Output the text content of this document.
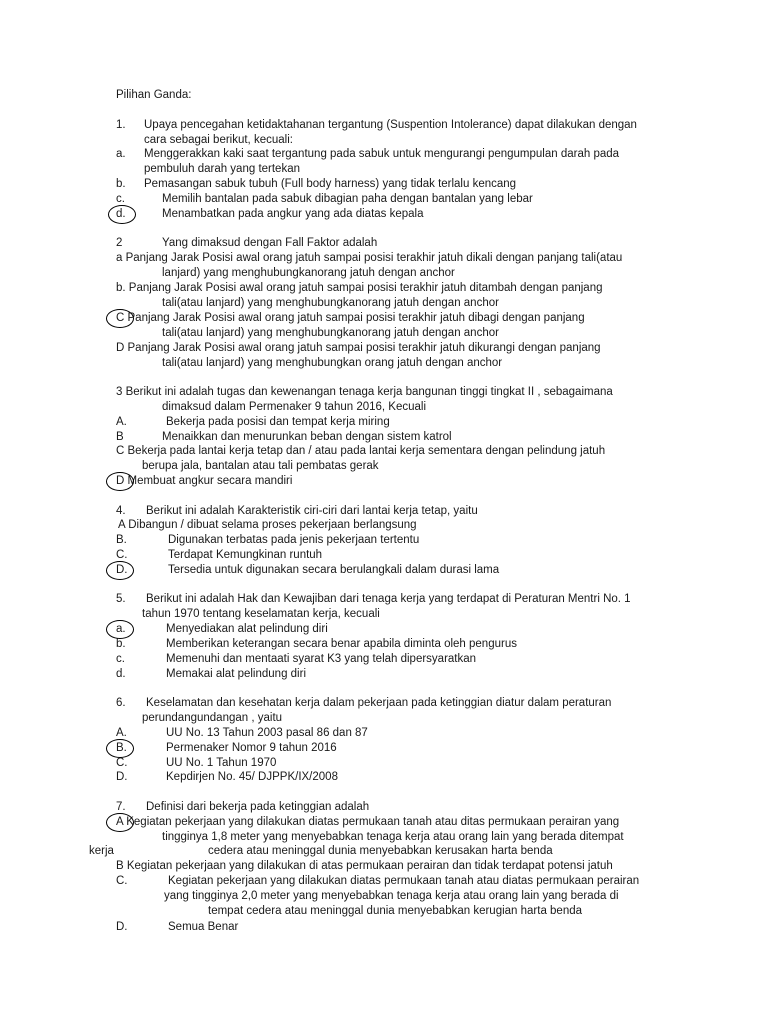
Pilihan Ganda:
1. Upaya pencegahan ketidaktahanan tergantung (Suspention Intolerance) dapat dilakukan dengan
cara sebagai berikut, kecuali:
a. Menggerakkan kaki saat tergantung pada sabuk untuk mengurangi pengumpulan darah pada
pembuluh darah yang tertekan
b. Pemasangan sabuk tubuh (Full body harness) yang tidak terlalu kencang
c.	Memilih bantalan pada sabuk dibagian paha dengan bantalan yang lebar
d.	Menambatkan pada angkur yang ada diatas kepala
2	Yang dimaksud dengan Fall Faktor adalah
a Panjang Jarak Posisi awal orang jatuh sampai posisi terakhir jatuh dikali dengan panjang tali(atau
lanjard) yang menghubungkanorang jatuh dengan anchor
b. Panjang Jarak Posisi awal orang jatuh sampai posisi terakhir jatuh ditambah dengan panjang
tali(atau lanjard) yang menghubungkanorang jatuh dengan anchor
C Panjang Jarak Posisi awal orang jatuh sampai posisi terakhir jatuh dibagi dengan panjang
tali(atau lanjard) yang menghubungkanorang jatuh dengan anchor
D Panjang Jarak Posisi awal orang jatuh sampai posisi terakhir jatuh dikurangi dengan panjang
tali(atau lanjard) yang menghubungkan orang jatuh dengan anchor
3 Berikut ini adalah tugas dan kewenangan tenaga kerja bangunan tinggi tingkat II , sebagaimana
dimaksud dalam Permenaker 9 tahun 2016, Kecuali
A.	Bekerja pada posisi dan tempat kerja miring
B	Menaikkan dan menurunkan beban dengan sistem katrol
C Bekerja pada lantai kerja tetap dan / atau pada lantai kerja sementara dengan pelindung jatuh
berupa jala, bantalan atau tali pembatas gerak
D Membuat angkur secara mandiri
4. Berikut ini adalah Karakteristik ciri-ciri dari lantai kerja tetap, yaitu
A Dibangun / dibuat selama proses pekerjaan berlangsung
B.	Digunakan terbatas pada jenis pekerjaan tertentu
C.	Terdapat Kemungkinan runtuh
D.	Tersedia untuk digunakan secara berulangkali dalam durasi lama
5. Berikut ini adalah Hak dan Kewajiban dari tenaga kerja yang terdapat di Peraturan Mentri No. 1
tahun 1970 tentang keselamatan kerja, kecuali
a.	Menyediakan alat pelindung diri
b.	Memberikan keterangan secara benar apabila diminta oleh pengurus
c.	Memenuhi dan mentaati syarat K3 yang telah dipersyaratkan
d.	Memakai alat pelindung diri
6. Keselamatan dan kesehatan kerja dalam pekerjaan pada ketinggian diatur dalam peraturan
perundangundangan , yaitu
A.	UU No. 13 Tahun 2003 pasal 86 dan 87
B.	Permenaker Nomor 9 tahun 2016
C.	UU No. 1 Tahun 1970
D.	Kepdirjen No. 45/ DJPPK/IX/2008
7. Definisi dari bekerja pada ketinggian adalah
A Kegiatan pekerjaan yang dilakukan diatas permukaan tanah atau ditas permukaan perairan yang
tingginya 1,8 meter yang menyebabkan tenaga kerja atau orang lain yang berada ditempat
kerja	cedera atau meninggal dunia menyebabkan kerusakan harta benda
B Kegiatan pekerjaan yang dilakukan di atas permukaan perairan dan tidak terdapat potensi jatuh
C.	Kegiatan pekerjaan yang dilakukan diatas permukaan tanah atau diatas permukaan perairan
yang tingginya 2,0 meter yang menyebabkan tenaga kerja atau orang lain yang berada di
tempat cedera atau meninggal dunia menyebabkan kerugian harta benda
D.	Semua Benar
